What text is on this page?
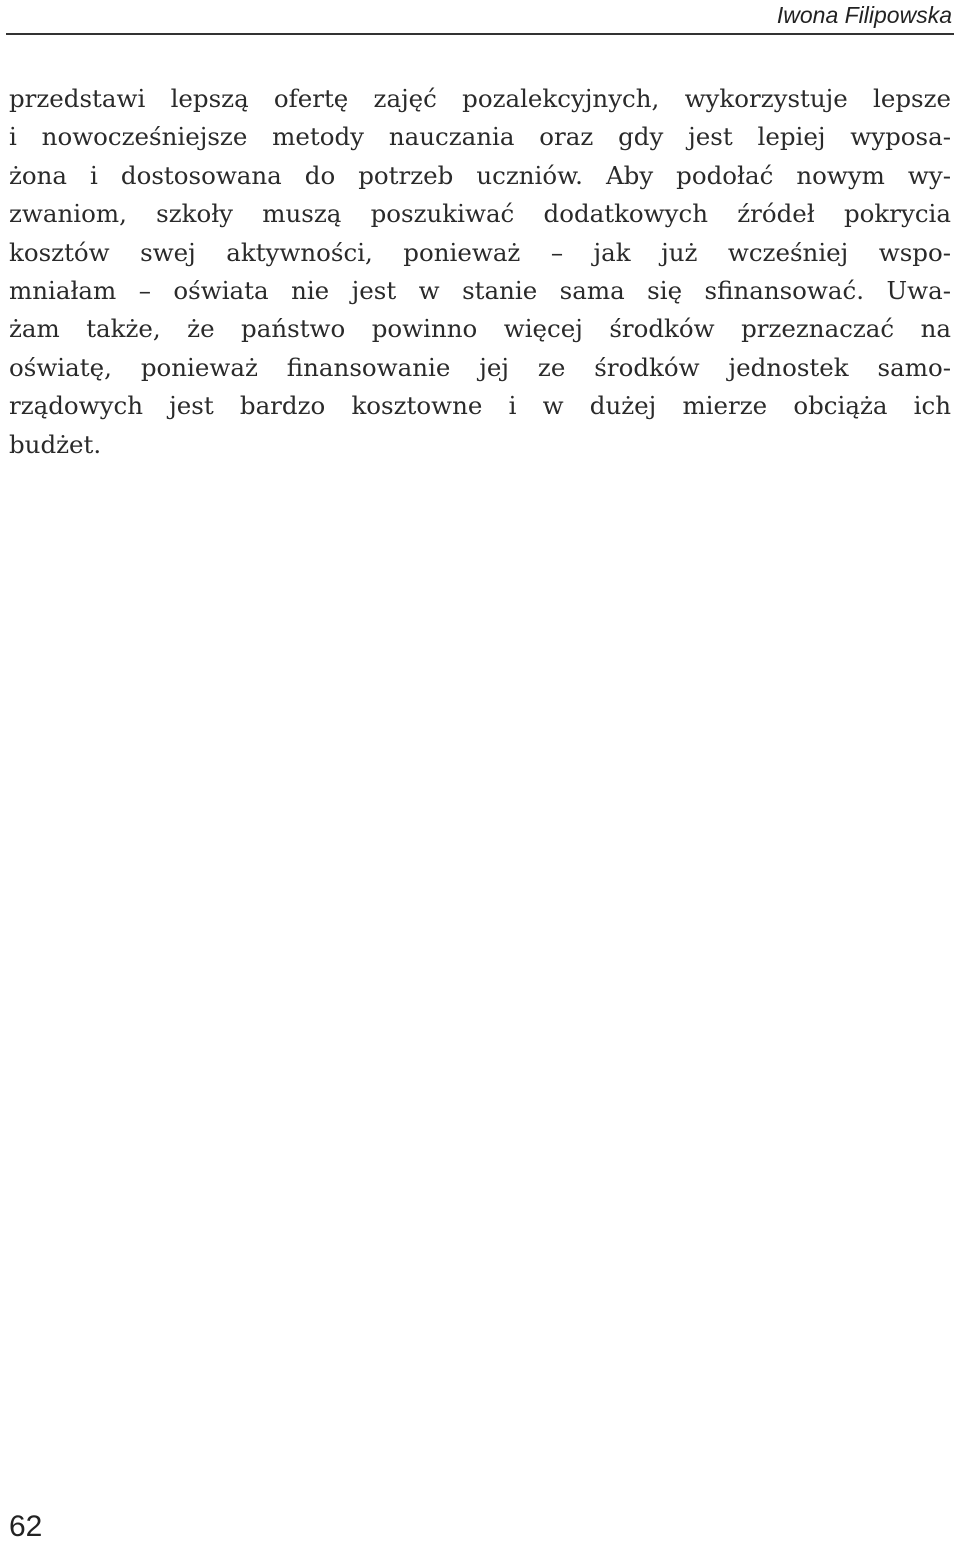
Iwona Filipowska
przedstawi lepszą ofertę zajęć pozalekcyjnych, wykorzystuje lepsze
i nowocześniejsze metody nauczania oraz gdy jest lepiej wyposa-
żona i dostosowana do potrzeb uczniów. Aby podołać nowym wy-
zwaniom, szkoły muszą poszukiwać dodatkowych źródeł pokrycia
kosztów swej aktywności, ponieważ – jak już wcześniej wspo-
mniałam – oświata nie jest w stanie sama się sfinansować. Uwa-
żam także, że państwo powinno więcej środków przeznaczać na
oświatę, ponieważ finansowanie jej ze środków jednostek samo-
rządowych jest bardzo kosztowne i w dużej mierze obciąża ich
budżet.
62
